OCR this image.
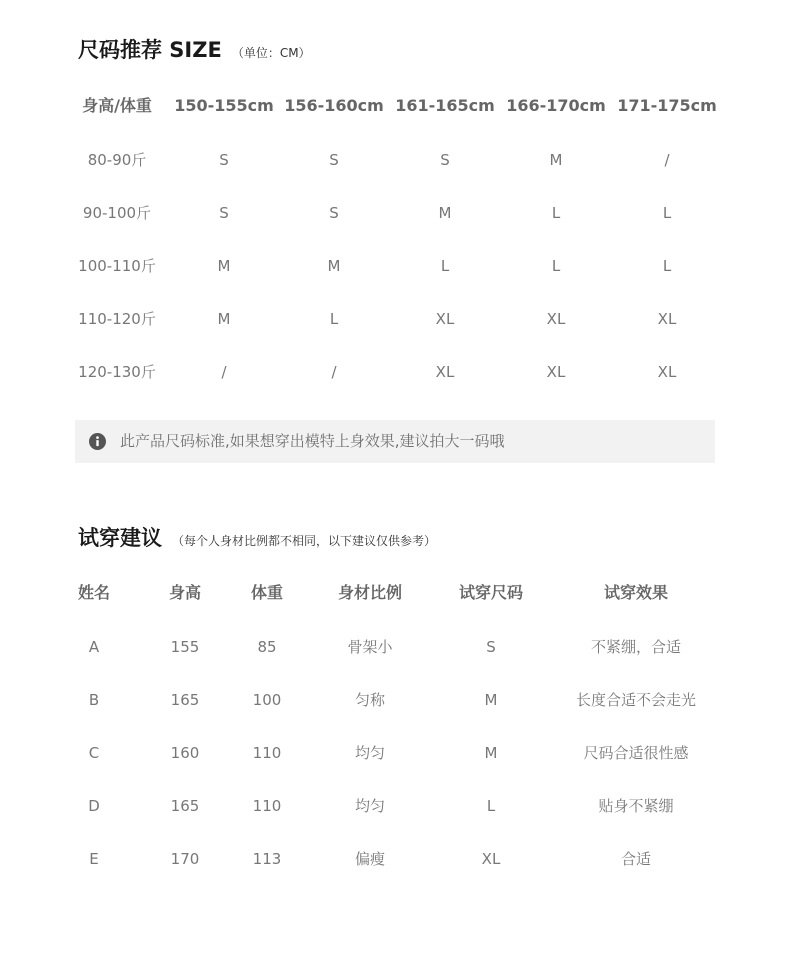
尺码推荐 SIZE （单位：CM）
身高/体重 150-155cm 156-160cm 161-165cm 166-170cm 171-175cm
80-90斤	S	S	S	M	/
90-100斤	S	S	M	L	L
100-110斤	M	M	L	L	L
110-120斤	M	L	XL	XL	XL
120-130斤	/	/	XL	XL	XL
此产品尺码标准,如果想穿出模特上身效果,建议拍大一码哦
试穿建议 （每个人身材比例都不相同，以下建议仅供参考）
姓名	身高	体重	身材比例	试穿尺码	试穿效果
A	155	85	骨架小	S	不紧绷，合适
B	165	100	匀称	M	长度合适不会走光
C	160	110	均匀	M	尺码合适很性感
D	165	110	均匀	L	贴身不紧绷
E	170	113	偏瘦	XL	合适
